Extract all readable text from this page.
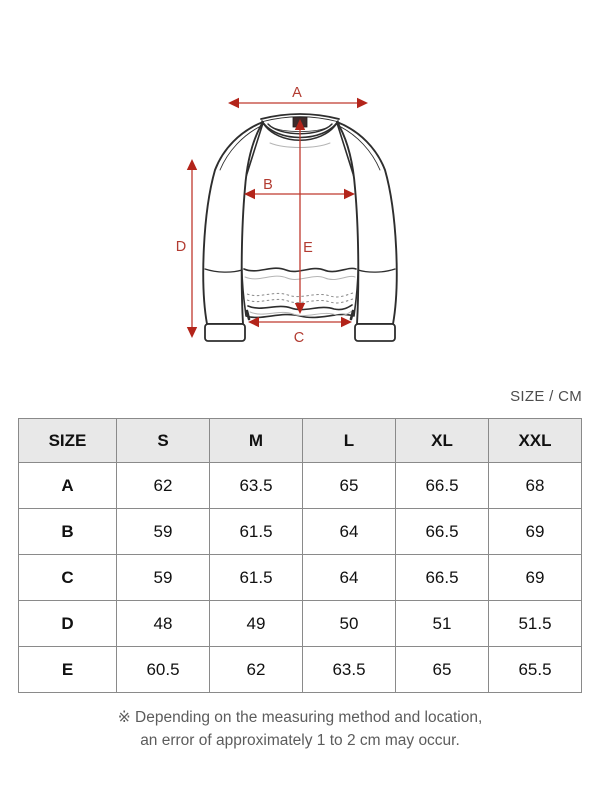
A
B
C
D	E
SIZE / CM
SIZE	S	M	L	XL	XXL
A	62	63.5	65	66.5	68
B	59	61.5	64	66.5	69
C	59	61.5	64	66.5	69
D	48	49	50	51	51.5
E	60.5	62	63.5	65	65.5
※ Depending on the measuring method and location,
an error of approximately 1 to 2 cm may occur.
